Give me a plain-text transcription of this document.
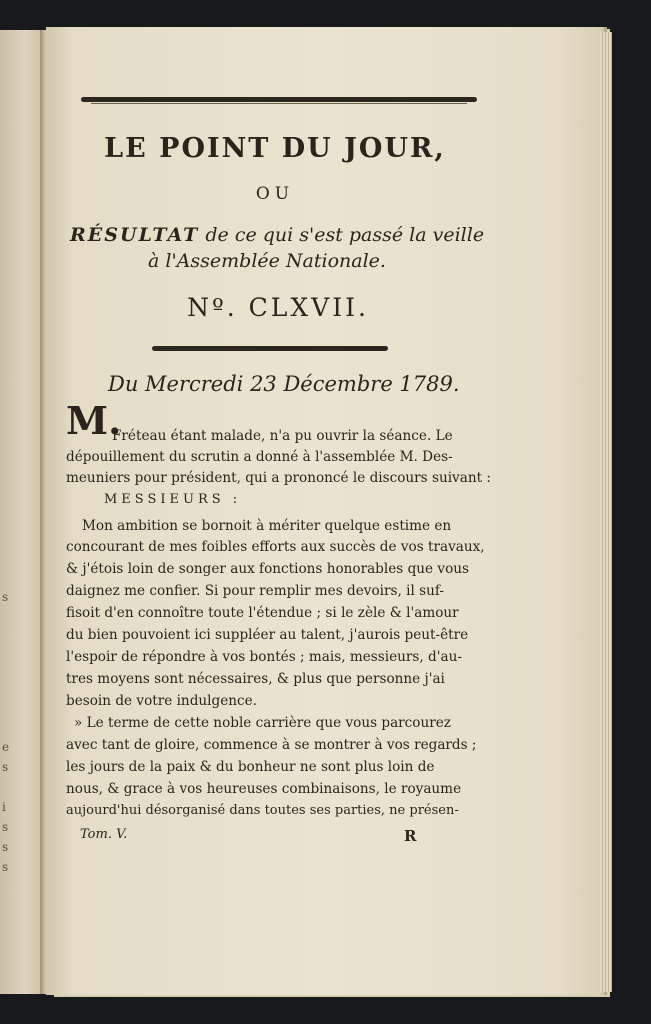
s
e
s
i
s
s
s
LE POINT DU JOUR,
OU
RÉSULTAT de ce qui s'est passé la veille
à l'Assemblée Nationale.
Nº. CLXVII.
Du Mercredi 23 Décembre 1789.
M.
Fréteau étant malade, n'a pu ouvrir la séance. Le
dépouillement du scrutin a donné à l'assemblée M. Des-
meuniers pour président, qui a prononcé le discours suivant :
MESSIEURS :
Mon ambition se bornoit à mériter quelque estime en
concourant de mes foibles efforts aux succès de vos travaux,
& j'étois loin de songer aux fonctions honorables que vous
daignez me confier. Si pour remplir mes devoirs, il suf-
fisoit d'en connoître toute l'étendue ; si le zèle & l'amour
du bien pouvoient ici suppléer au talent, j'aurois peut-être
l'espoir de répondre à vos bontés ; mais, messieurs, d'au-
tres moyens sont nécessaires, & plus que personne j'ai
besoin de votre indulgence.
» Le terme de cette noble carrière que vous parcourez
avec tant de gloire, commence à se montrer à vos regards ;
les jours de la paix & du bonheur ne sont plus loin de
nous, & grace à vos heureuses combinaisons, le royaume
aujourd'hui désorganisé dans toutes ses parties, ne présen-
Tom. V.	R
